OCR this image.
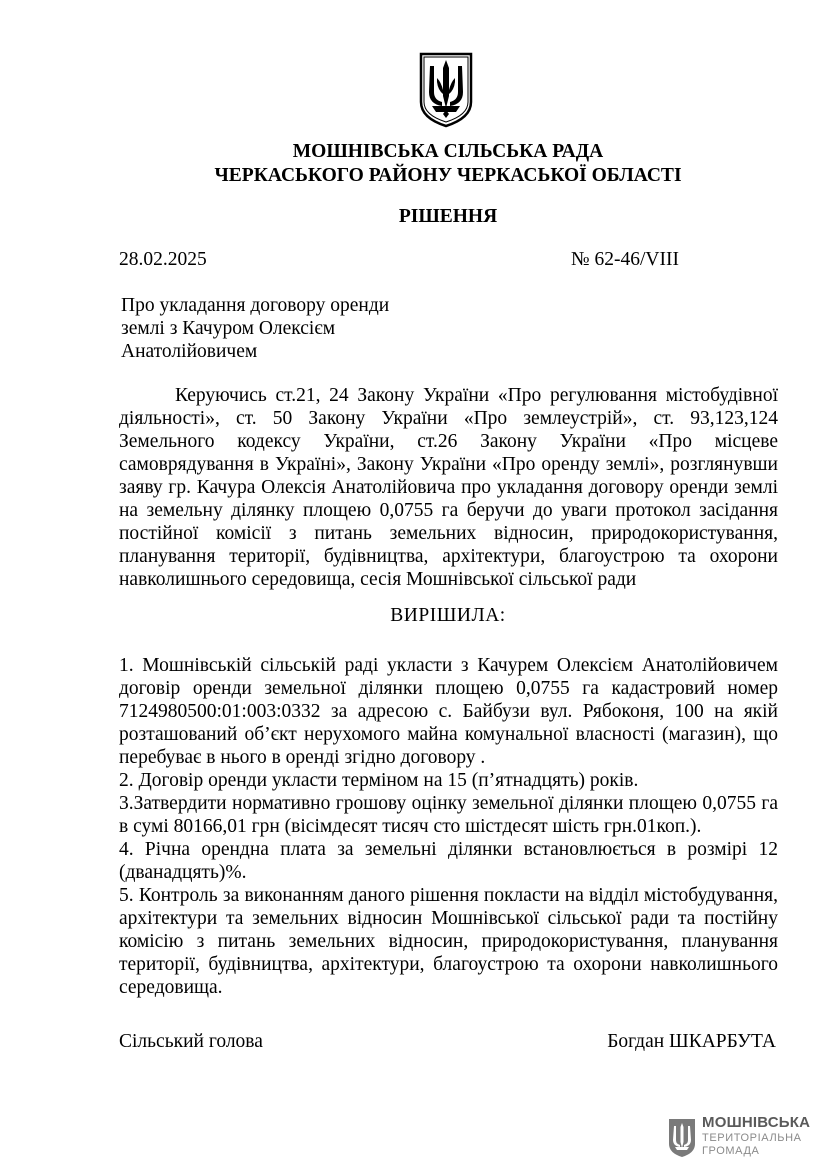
МОШНІВСЬКА СІЛЬСЬКА РАДА
ЧЕРКАСЬКОГО РАЙОНУ ЧЕРКАСЬКОЇ ОБЛАСТІ
РІШЕННЯ
28.02.2025	№ 62-46/VIII
Про укладання договору оренди
землі з Качуром Олексієм
Анатолійовичем
Керуючись ст.21, 24 Закону України «Про регулювання містобудівної діяльності», ст. 50 Закону України «Про землеустрій», ст. 93,123,124 Земельного кодексу України, ст.26 Закону України «Про місцеве самоврядування в Україні», Закону України «Про оренду землі», розглянувши заяву гр. Качура Олексія Анатолійовича про укладання договору оренди землі на земельну ділянку площею 0,0755 га беручи до уваги протокол засідання постійної комісії з питань земельних відносин, природокористування, планування території, будівництва, архітектури, благоустрою та охорони навколишнього середовища, сесія Мошнівської сільської ради
ВИРІШИЛА:

1. Мошнівській сільській раді укласти з Качурем Олексієм Анатолійовичем договір оренди земельної ділянки площею 0,0755 га кадастровий номер 7124980500:01:003:0332 за адресою с. Байбузи вул. Рябоконя, 100 на якій розташований об’єкт нерухомого майна комунальної власності (магазин), що перебуває в нього в оренді згідно договору .

2. Договір оренди укласти терміном на 15 (п’ятнадцять) років.

3.Затвердити нормативно грошову оцінку земельної ділянки площею 0,0755 га в сумі 80166,01 грн (вісімдесят тисяч сто шістдесят шість грн.01коп.).

4. Річна орендна плата за земельні ділянки встановлюється в розмірі 12 (дванадцять)%.

5. Контроль за виконанням даного рішення покласти на відділ містобудування, архітектури та земельних відносин Мошнівської сільської ради та постійну комісію з питань земельних відносин, природокористування, планування території, будівництва, архітектури, благоустрою та охорони навколишнього середовища.

Сільський голова	Богдан ШКАРБУТА
МОШНІВСЬКА
ТЕРИТОРІАЛЬНА
ГРОМАДА
